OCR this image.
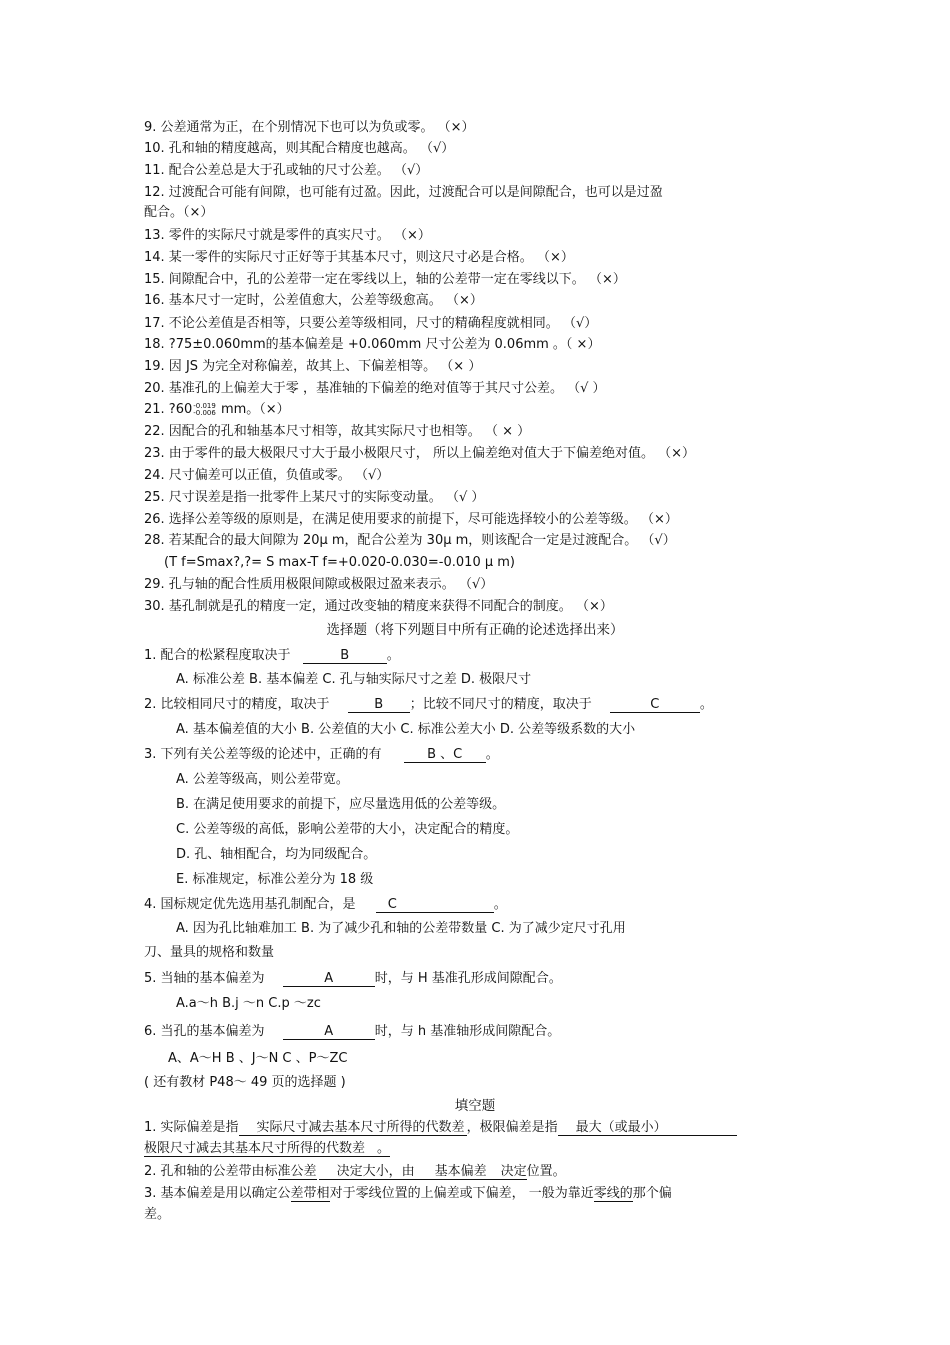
9. 公差通常为正，在个别情况下也可以为负或零。 （×）
10. 孔和轴的精度越高，则其配合精度也越高。 （√）
11. 配合公差总是大于孔或轴的尺寸公差。 （√）
12. 过渡配合可能有间隙，也可能有过盈。因此，过渡配合可以是间隙配合，也可以是过盈
配合。（×）
13. 零件的实际尺寸就是零件的真实尺寸。 （×）
14. 某一零件的实际尺寸正好等于其基本尺寸，则这尺寸必是合格。 （×）
15. 间隙配合中，孔的公差带一定在零线以上，轴的公差带一定在零线以下。 （×）
16. 基本尺寸一定时，公差值愈大，公差等级愈高。 （×）
17. 不论公差值是否相等，只要公差等级相同，尺寸的精确程度就相同。 （√）
18. ?75±0.060mm的基本偏差是 +0.060mm 尺寸公差为 0.06mm 。（ ×）
19. 因 JS 为完全对称偏差，故其上、下偏差相等。 （× ）
20. 基准孔的上偏差大于零 ，基准轴的下偏差的绝对值等于其尺寸公差。 （√ ）
21. ?60 -0.019
-0.006 mm。（×）
22. 因配合的孔和轴基本尺寸相等，故其实际尺寸也相等。 （ × ）
23. 由于零件的最大极限尺寸大于最小极限尺寸， 所以上偏差绝对值大于下偏差绝对值。 （×）
24. 尺寸偏差可以正值，负值或零。 （√）
25. 尺寸误差是指一批零件上某尺寸的实际变动量。 （√ ）
26. 选择公差等级的原则是，在满足使用要求的前提下，尽可能选择较小的公差等级。 （×）
28. 若某配合的最大间隙为 20μ m，配合公差为 30μ m，则该配合一定是过渡配合。 （√）
(T f=Smax?,?= S max-T f=+0.020-0.030=-0.010 μ m)
29. 孔与轴的配合性质用极限间隙或极限过盈来表示。 （√）
30. 基孔制就是孔的精度一定，通过改变轴的精度来获得不同配合的制度。 （×）
选择题（将下列题目中所有正确的论述选择出来）
1. 配合的松紧程度取决于	B	。
A. 标准公差 B. 基本偏差 C. 孔与轴实际尺寸之差 D. 极限尺寸
2. 比较相同尺寸的精度，取决于	B ；比较不同尺寸的精度，取决于	C	。
A. 基本偏差值的大小 B. 公差值的大小 C. 标准公差大小 D. 公差等级系数的大小
3. 下列有关公差等级的论述中，正确的有	B 、C 。
A. 公差等级高，则公差带宽。
B. 在满足使用要求的前提下，应尽量选用低的公差等级。
C. 公差等级的高低，影响公差带的大小，决定配合的精度。
D. 孔、轴相配合，均为同级配合。
E. 标准规定，标准公差分为 18 级
4. 国标规定优先选用基孔制配合，是 C	。
A. 因为孔比轴难加工 B. 为了减少孔和轴的公差带数量 C. 为了减少定尺寸孔用
刀、量具的规格和数量
5. 当轴的基本偏差为	A	时，与 H 基准孔形成间隙配合。
A.a～h B.j ～n C.p ～zc
6. 当孔的基本偏差为	A	时，与 h 基准轴形成间隙配合。
A、A～H B 、J～N C 、P～ZC
( 还有教材 P48～ 49 页的选择题 )
填空题
1. 实际偏差是指 实际尺寸减去基本尺寸所得的代数差 ，极限偏差是指 最大（或最小）
极限尺寸减去其基本尺寸所得的代数差 。
2. 孔和轴的公差带由标准公差 决定大小，由 基本偏差 决定位置。
3. 基本偏差是用以确定公差带相对于零线位置的上偏差或下偏差， 一般为靠近零线的那个偏
差。
